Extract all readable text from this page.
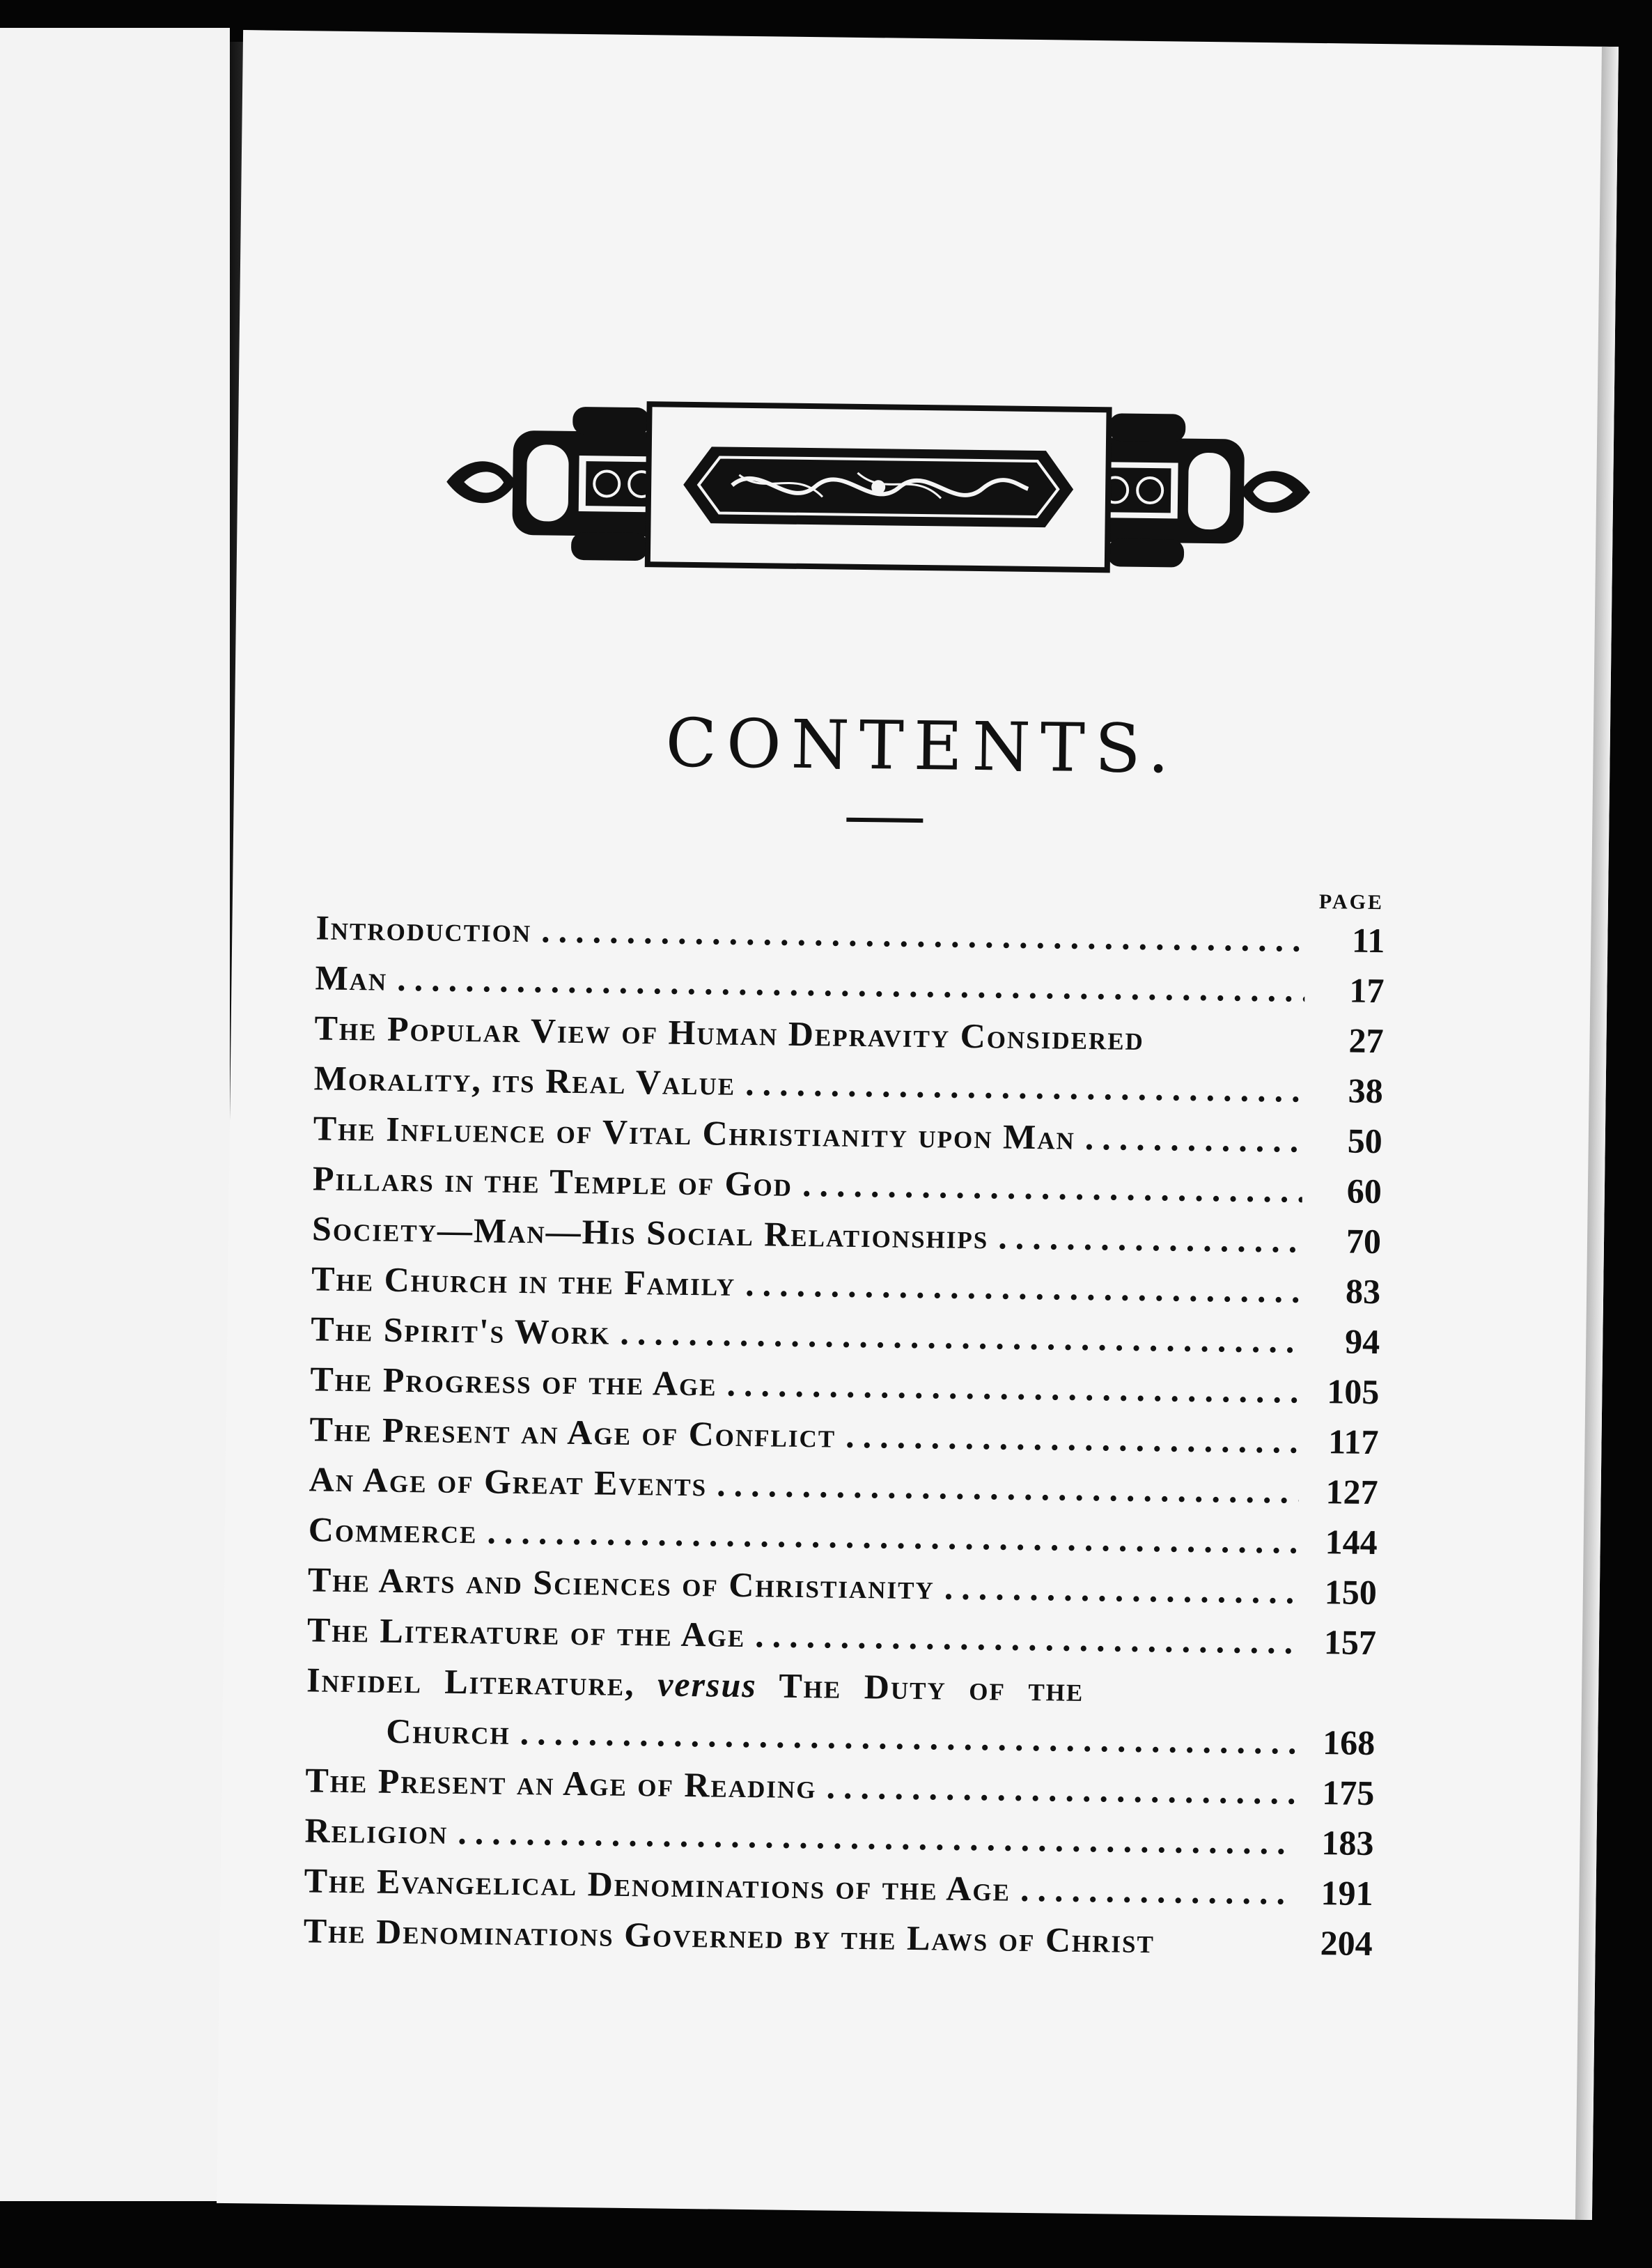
CONTENTS.
PAGE
Introduction .....	11
Man .....	17
The Popular View of Human Depravity Considered	27
Morality, its Real Value .....	38
The Influence of Vital Christianity upon Man .....	50
Pillars in the Temple of God .....	60
Society—Man—His Social Relationships .....	70
The Church in the Family .....	83
The Spirit's Work .....	94
The Progress of the Age .....	105
The Present an Age of Conflict .....	117
An Age of Great Events .....	127
Commerce .....	144
The Arts and Sciences of Christianity .....	150
The Literature of the Age .....	157
Infidel Literature, versus The Duty of the
Church .....	168
The Present an Age of Reading .....	175
Religion .....	183
The Evangelical Denominations of the Age .....	191
The Denominations Governed by the Laws of Christ	204
